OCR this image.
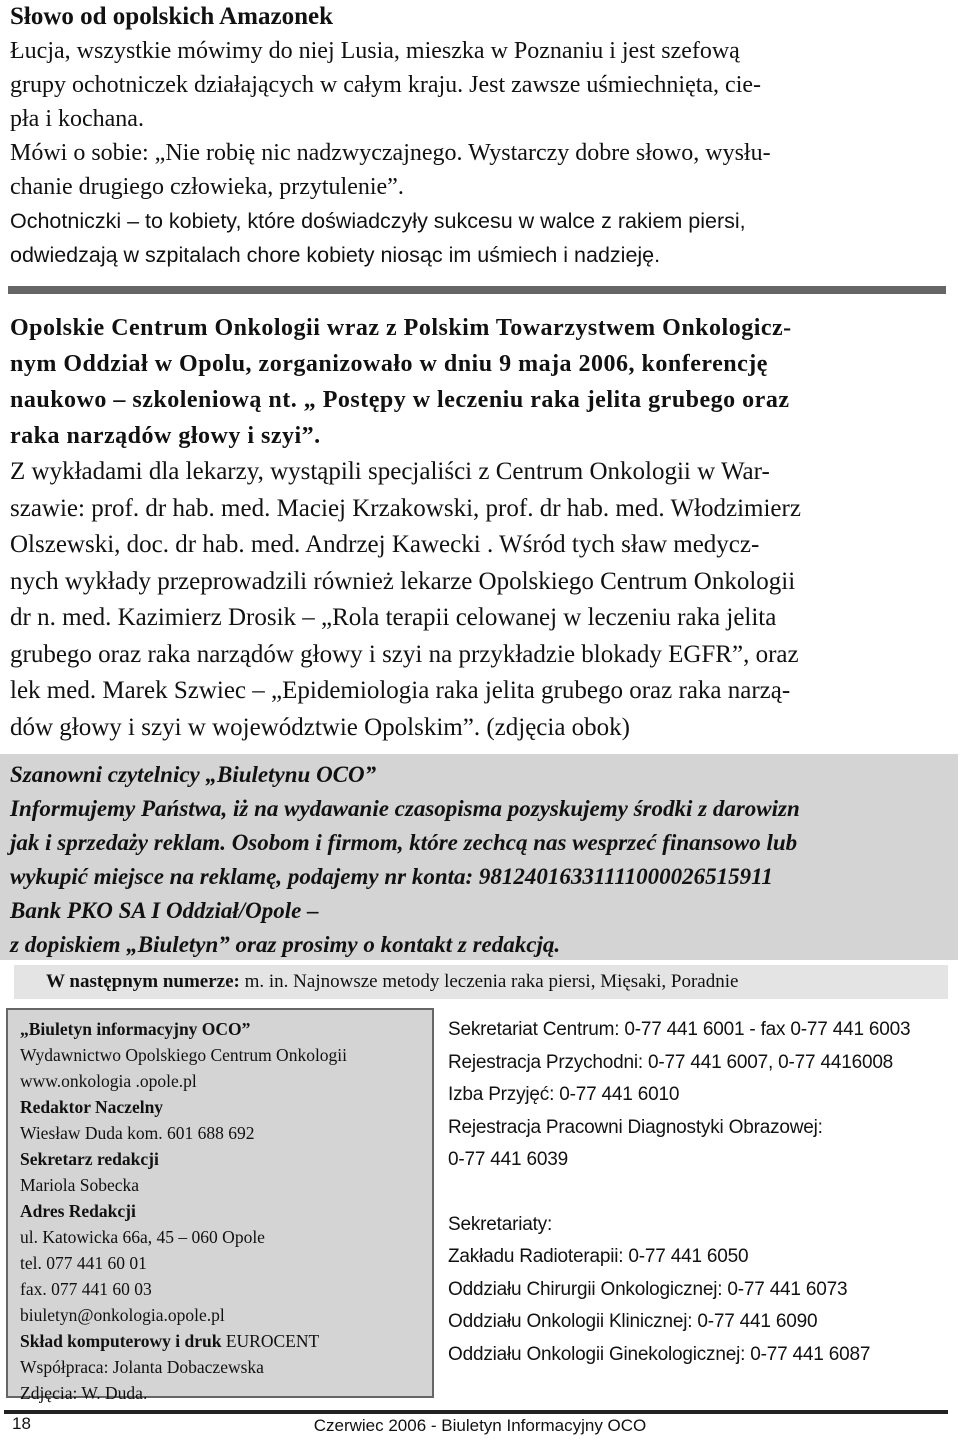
Słowo od opolskich Amazonek

Łucja, wszystkie mówimy do niej Lusia, mieszka w Poznaniu i jest szefową

grupy ochotniczek działających w całym kraju. Jest zawsze uśmiechnięta, cie-

pła i kochana.

Mówi o sobie: „Nie robię nic nadzwyczajnego. Wystarczy dobre słowo, wysłu-

chanie drugiego człowieka, przytulenie”.

Ochotniczki – to kobiety, które doświadczyły sukcesu w walce z rakiem piersi,

odwiedzają w szpitalach chore kobiety niosąc im uśmiech i nadzieję.

Opolskie Centrum Onkologii wraz z Polskim Towarzystwem Onkologicz-

nym Oddział w Opolu, zorganizowało w dniu 9 maja 2006, konferencję

naukowo – szkoleniową nt. „ Postępy w leczeniu raka jelita grubego oraz

raka narządów głowy i szyi”.

Z wykładami dla lekarzy, wystąpili specjaliści z Centrum Onkologii w War-

szawie: prof. dr hab. med. Maciej Krzakowski, prof. dr hab. med. Włodzimierz

Olszewski, doc. dr hab. med. Andrzej Kawecki . Wśród tych sław medycz-

nych wykłady przeprowadzili również lekarze Opolskiego Centrum Onkologii

dr n. med. Kazimierz Drosik – „Rola terapii celowanej w leczeniu raka jelita

grubego oraz raka narządów głowy i szyi na przykładzie blokady EGFR”, oraz

lek med. Marek Szwiec – „Epidemiologia raka jelita grubego oraz raka narzą-

dów głowy i szyi w województwie Opolskim”. (zdjęcia obok)

Szanowni czytelnicy „Biuletynu OCO”

Informujemy Państwa, iż na wydawanie czasopisma pozyskujemy środki z darowizn

jak i sprzedaży reklam. Osobom i firmom, które zechcą nas wesprzeć finansowo lub

wykupić miejsce na reklamę, podajemy nr konta: 98124016331111000026515911

Bank PKO SA I Oddział/Opole –

z dopiskiem „Biuletyn” oraz prosimy o kontakt z redakcją.

W następnym numerze: m. in. Najnowsze metody leczenia raka piersi, Mięsaki, Poradnie
„Biuletyn informacyjny OCO”
Wydawnictwo Opolskiego Centrum Onkologii
www.onkologia .opole.pl
Redaktor Naczelny
Wiesław Duda kom. 601 688 692
Sekretarz redakcji
Mariola Sobecka
Adres Redakcji
ul. Katowicka 66a, 45 – 060 Opole
tel. 077 441 60 01
fax. 077 441 60 03
biuletyn@onkologia.opole.pl
Skład komputerowy i druk EUROCENT
Współpraca: Jolanta Dobaczewska
Zdjęcia: W. Duda.
Sekretariat Centrum: 0-77 441 6001 - fax 0-77 441 6003
Rejestracja Przychodni: 0-77 441 6007, 0-77 4416008
Izba Przyjęć: 0-77 441 6010
Rejestracja Pracowni Diagnostyki Obrazowej:
0-77 441 6039
Sekretariaty:
Zakładu Radioterapii: 0-77 441 6050
Oddziału Chirurgii Onkologicznej: 0-77 441 6073
Oddziału Onkologii Klinicznej: 0-77 441 6090
Oddziału Onkologii Ginekologicznej: 0-77 441 6087
18	Czerwiec 2006 - Biuletyn Informacyjny OCO
